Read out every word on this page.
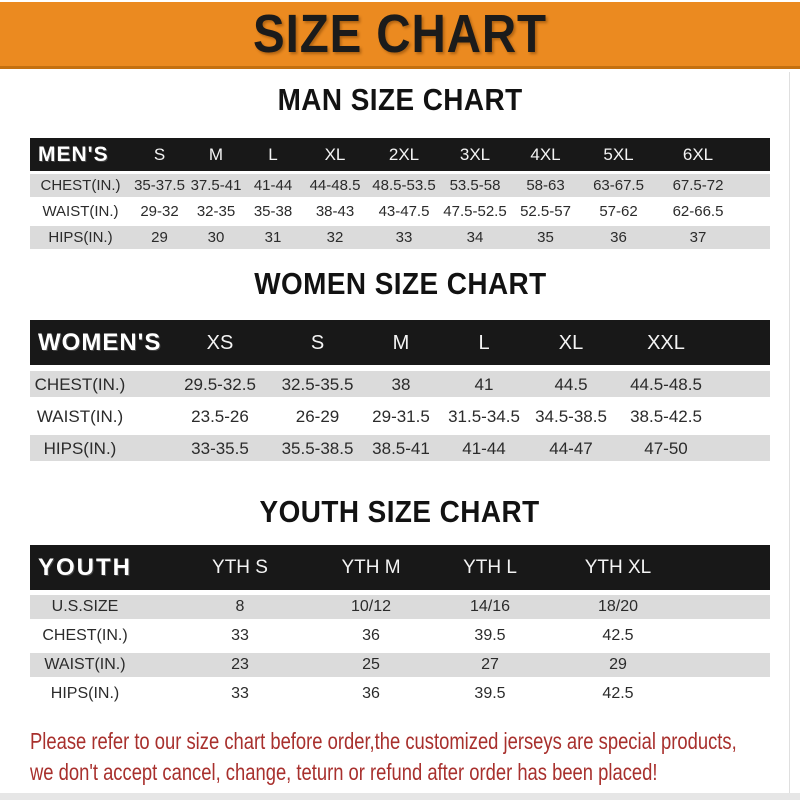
SIZE CHART
MAN SIZE CHART
MEN'S	S	M	L	XL	2XL	3XL	4XL	5XL	6XL
CHEST(IN.) 35-37.5 37.5-41 41-44	44-48.5 48.5-53.5 53.5-58	58-63	63-67.5	67.5-72
WAIST(IN.)	29-32	32-35	35-38	38-43	43-47.5 47.5-52.5 52.5-57	57-62	62-66.5
HIPS(IN.)	29	30	31	32	33	34	35	36	37
WOMEN SIZE CHART
WOMEN'S	XS	S	M	L	XL	XXL
CHEST(IN.)	29.5-32.5	32.5-35.5	38	41	44.5	44.5-48.5
WAIST(IN.)	23.5-26	26-29	29-31.5	31.5-34.5 34.5-38.5	38.5-42.5
HIPS(IN.)	33-35.5	35.5-38.5	38.5-41	41-44	44-47	47-50
YOUTH SIZE CHART
YOUTH	YTH S	YTH M	YTH L	YTH XL
U.S.SIZE	8	10/12	14/16	18/20
CHEST(IN.)	33	36	39.5	42.5
WAIST(IN.)	23	25	27	29
HIPS(IN.)	33	36	39.5	42.5
Please refer to our size chart before order,the customized jerseys are special products,
we don't accept cancel, change, teturn or refund after order has been placed!
